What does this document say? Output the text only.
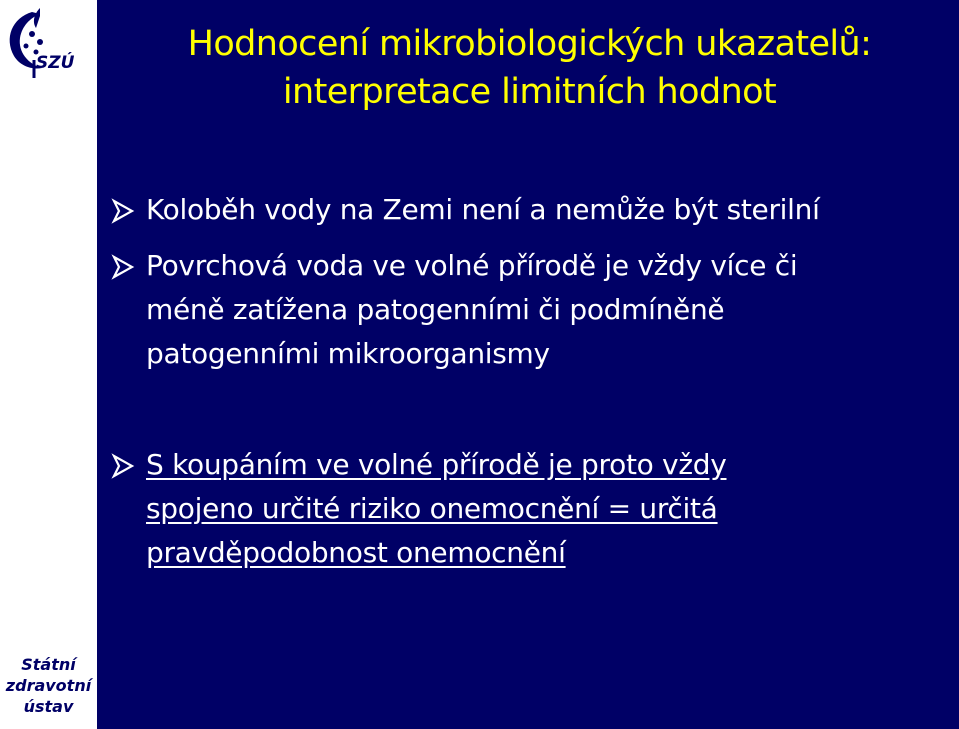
SZÚ
Státní
zdravotní
ústav
Hodnocení mikrobiologických ukazatelů:
interpretace limitních hodnot
Koloběh vody na Zemi není a nemůže být sterilní
Povrchová voda ve volné přírodě je vždy více či
méně zatížena patogenními či podmíněně
patogenními mikroorganismy
S koupáním ve volné přírodě je proto vždy
spojeno určité riziko onemocnění = určitá
pravděpodobnost onemocnění
